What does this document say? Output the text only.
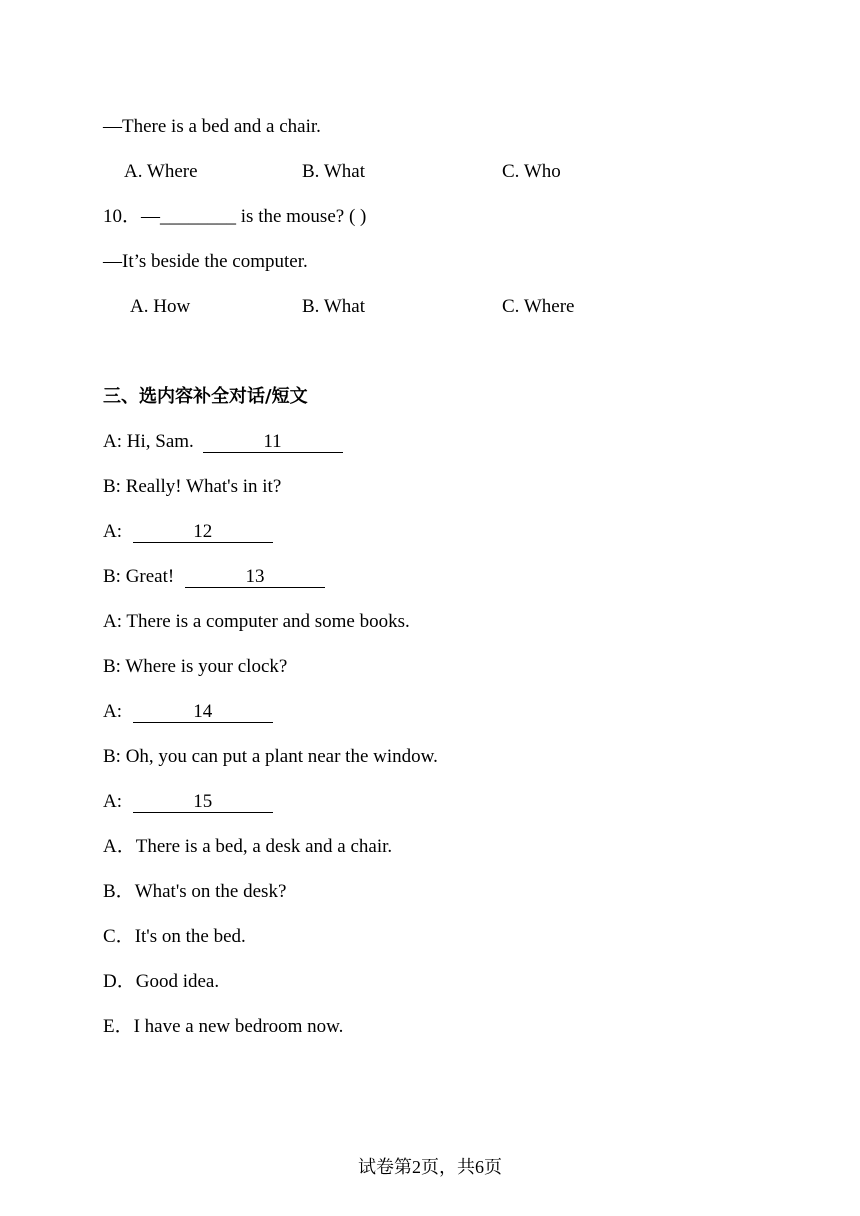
—There is a bed and a chair.
A. Where	B. What	C. Who
10．—________ is the mouse? ( )
—It’s beside the computer.
A. How	B. What	C. Where
三、选内容补全对话/短文
A: Hi, Sam.	11
B: Really! What's in it?
A:	12
B: Great!	13
A: There is a computer and some books.
B: Where is your clock?
A:	14
B: Oh, you can put a plant near the window.
A:	15
A．There is a bed, a desk and a chair.
B．What's on the desk?
C．It's on the bed.
D．Good idea.
E．I have a new bedroom now.
试卷第2页，共6页
